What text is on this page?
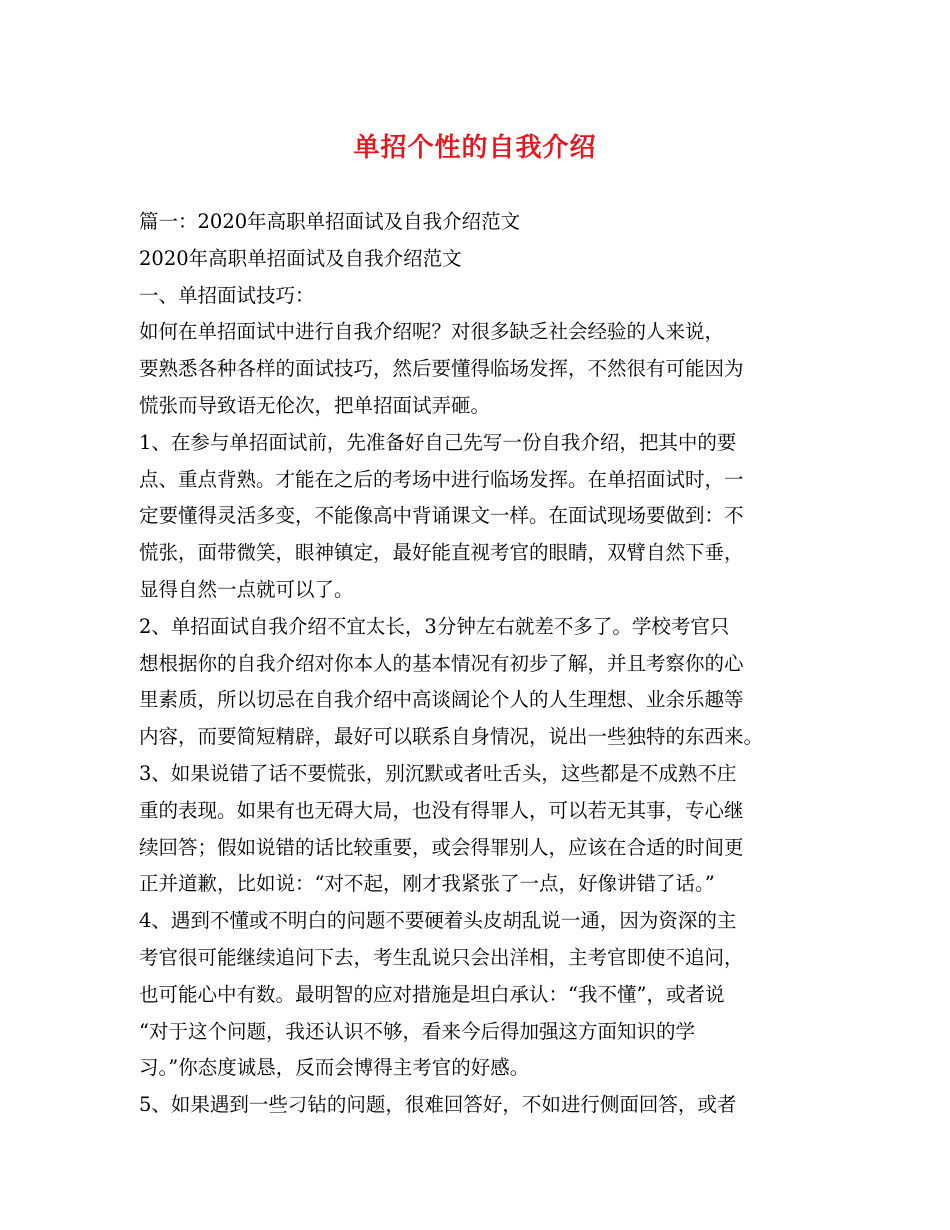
单招个性的自我介绍
篇一：2020年高职单招面试及自我介绍范文
2020年高职单招面试及自我介绍范文
一、单招面试技巧：
如何在单招面试中进行自我介绍呢？对很多缺乏社会经验的人来说，
要熟悉各种各样的面试技巧，然后要懂得临场发挥，不然很有可能因为
慌张而导致语无伦次，把单招面试弄砸。
1、在参与单招面试前，先准备好自己先写一份自我介绍，把其中的要
点、重点背熟。才能在之后的考场中进行临场发挥。在单招面试时，一
定要懂得灵活多变，不能像高中背诵课文一样。在面试现场要做到：不
慌张，面带微笑，眼神镇定，最好能直视考官的眼睛，双臂自然下垂，
显得自然一点就可以了。
2、单招面试自我介绍不宜太长，3分钟左右就差不多了。学校考官只
想根据你的自我介绍对你本人的基本情况有初步了解，并且考察你的心
里素质，所以切忌在自我介绍中高谈阔论个人的人生理想、业余乐趣等
内容，而要简短精辟，最好可以联系自身情况，说出一些独特的东西来。
3、如果说错了话不要慌张，别沉默或者吐舌头，这些都是不成熟不庄
重的表现。如果有也无碍大局，也没有得罪人，可以若无其事，专心继
续回答；假如说错的话比较重要，或会得罪别人，应该在合适的时间更
正并道歉，比如说：“对不起，刚才我紧张了一点，好像讲错了话。”
4、遇到不懂或不明白的问题不要硬着头皮胡乱说一通，因为资深的主
考官很可能继续追问下去，考生乱说只会出洋相，主考官即使不追问，
也可能心中有数。最明智的应对措施是坦白承认：“我不懂”，或者说
“对于这个问题，我还认识不够，看来今后得加强这方面知识的学
习。”你态度诚恳，反而会博得主考官的好感。
5、如果遇到一些刁钻的问题，很难回答好，不如进行侧面回答，或者
